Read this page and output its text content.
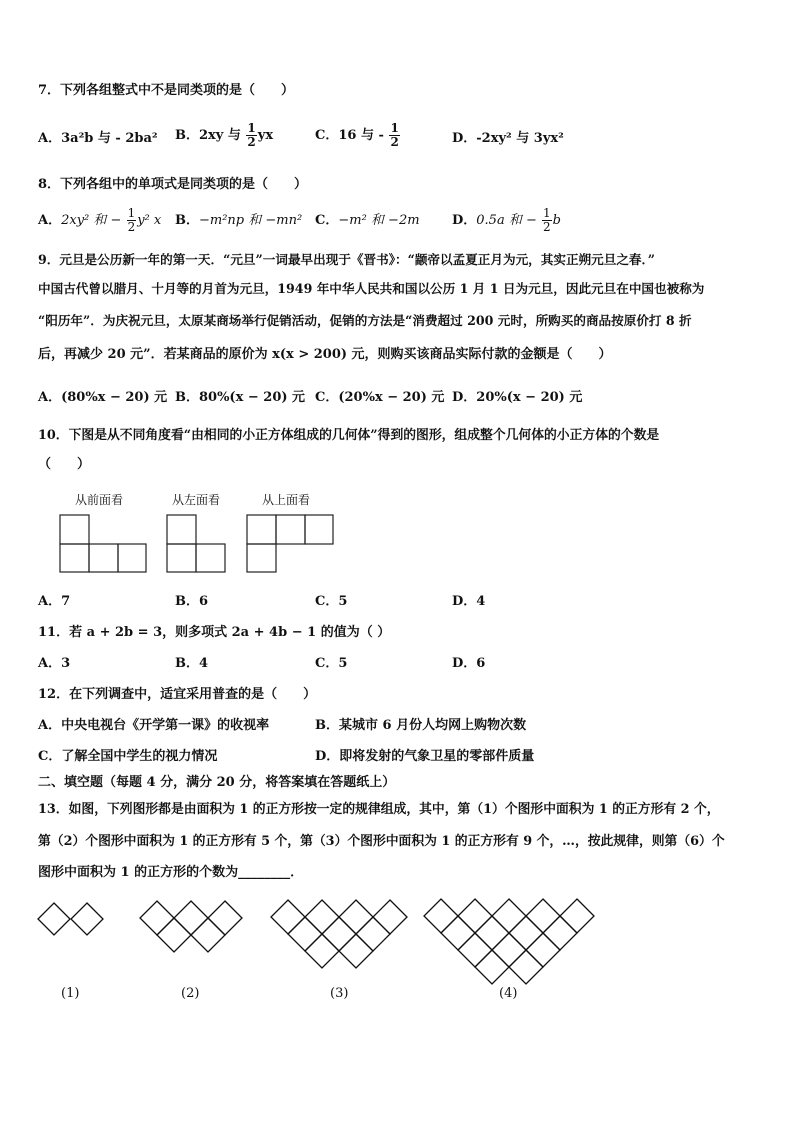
7．下列各组整式中不是同类项的是（　　）
A．3a²b 与 - 2ba² B．2xy 与 $\frac{1}{2}$ yx	C．16 与 - $\frac{1}{2}$	D．-2xy² 与 3yx²
8．下列各组中的单项式是同类项的是（　　）
A．2xy² 和 − $\frac{1}{2} y^2$ x B．−m²np 和 −mn² C．−m² 和 −2m D．0.5a 和 − $\frac{1}{2}$ b
9．元旦是公历新一年的第一天．“元旦”一词最早出现于《晋书》：“颛帝以孟夏正月为元，其实正朔元旦之春．”
中国古代曾以腊月、十月等的月首为元旦，1949 年中华人民共和国以公历 1 月 1 日为元旦，因此元旦在中国也被称为
“阳历年”．为庆祝元旦，太原某商场举行促销活动，促销的方法是“消费超过 200 元时，所购买的商品按原价打 8 折
后，再减少 20 元”．若某商品的原价为 x(x > 200) 元，则购买该商品实际付款的金额是（　　）
A．(80%x − 20) 元 B．80%(x − 20) 元 C．(20%x − 20) 元 D．20%(x − 20) 元
10．下图是从不同角度看“由相同的小正方体组成的几何体”得到的图形，组成整个几何体的小正方体的个数是
（　　）
从前面看	从左面看	从上面看
A．7	B．6	C．5	D．4
11．若 a + 2b = 3，则多项式 2a + 4b − 1 的值为（ ）
A．3	B．4	C．5	D．6
12．在下列调查中，适宜采用普查的是（　　）
A．中央电视台《开学第一课》的收视率	B．某城市 6 月份人均网上购物次数
C．了解全国中学生的视力情况	D．即将发射的气象卫星的零部件质量
二、填空题（每题 4 分，满分 20 分，将答案填在答题纸上）
13．如图，下列图形都是由面积为 1 的正方形按一定的规律组成，其中，第（1）个图形中面积为 1 的正方形有 2 个，
第（2）个图形中面积为 1 的正方形有 5 个，第（3）个图形中面积为 1 的正方形有 9 个，…，按此规律，则第（6）个
图形中面积为 1 的正方形的个数为________．
(1)	(2)	(3)	(4)
